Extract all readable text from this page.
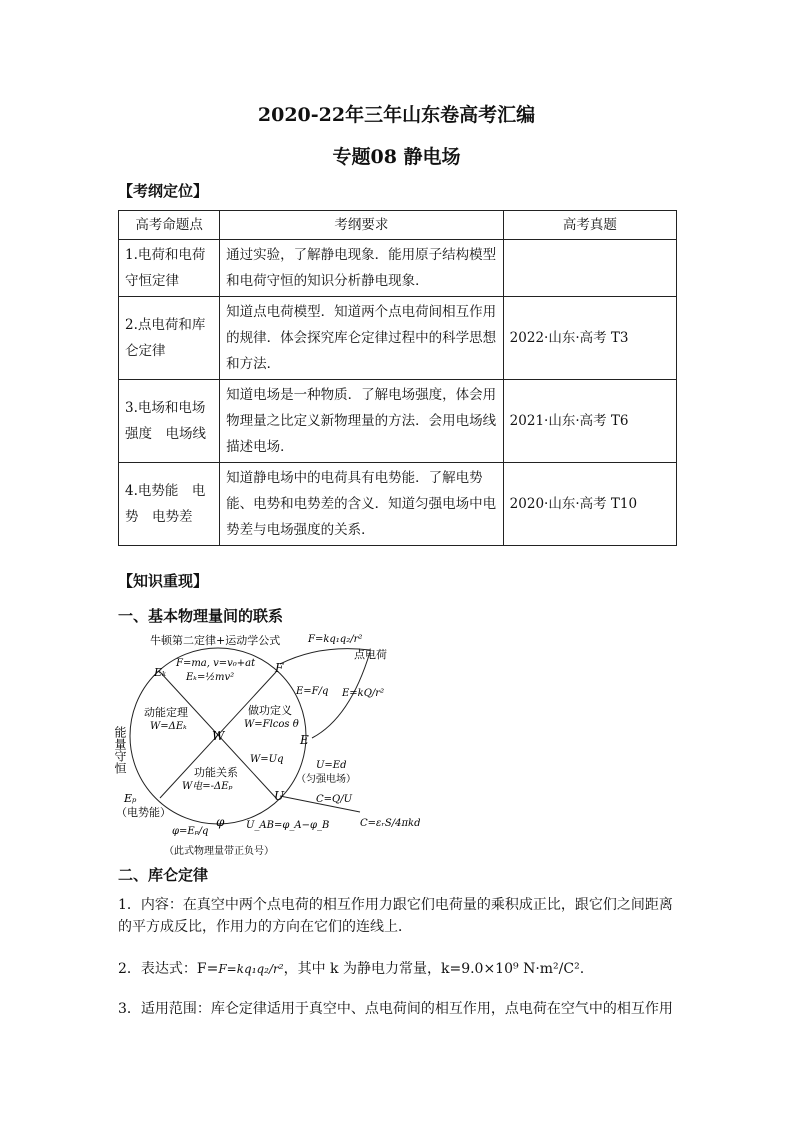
2020-22年三年山东卷高考汇编
专题08 静电场
【考纲定位】
高考命题点	考纲要求	高考真题
1.电荷和电荷守恒定律	通过实验，了解静电现象．能用原子结构模型和电荷守恒的知识分析静电现象．	
2.点电荷和库仑定律	知道点电荷模型．知道两个点电荷间相互作用的规律．体会探究库仑定律过程中的科学思想和方法．	2022·山东·高考 T3
3.电场和电场强度　电场线	知道电场是一种物质．了解电场强度，体会用物理量之比定义新物理量的方法．会用电场线描述电场．	2021·山东·高考 T6
4.电势能　电势　电势差	知道静电场中的电荷具有电势能．了解电势能、电势和电势差的含义．知道匀强电场中电势差与电场强度的关系．	2020·山东·高考 T10
【知识重现】
一、基本物理量间的联系
牛顿第二定律+运动学公式
F=ma, v=v₀+at
Eₖ=½mv²
Eₖ	F
W	E
U
Eₚ
φ
F=kq₁q₂/r²
点电荷
E=F/q E=kQ/r²
动能定理
W=ΔEₖ
做功定义
W=Flcos θ
W=Uq
功能关系
W电=-ΔEₚ
能量守恒	U=Ed
（匀强电场）
C=Q/U
C=εᵣS/4πkd
（电势能）
φ=Eₚ/q
U_AB=φ_A−φ_B
（此式物理量带正负号）
二、库仑定律
1．内容：在真空中两个点电荷的相互作用力跟它们电荷量的乘积成正比，跟它们之间距离的平方成反比，作用力的方向在它们的连线上．
2．表达式：F=F=kq₁q₂/r²，其中 k 为静电力常量，k=9.0×10⁹ N·m²/C².
3．适用范围：库仑定律适用于真空中、点电荷间的相互作用，点电荷在空气中的相互作用
